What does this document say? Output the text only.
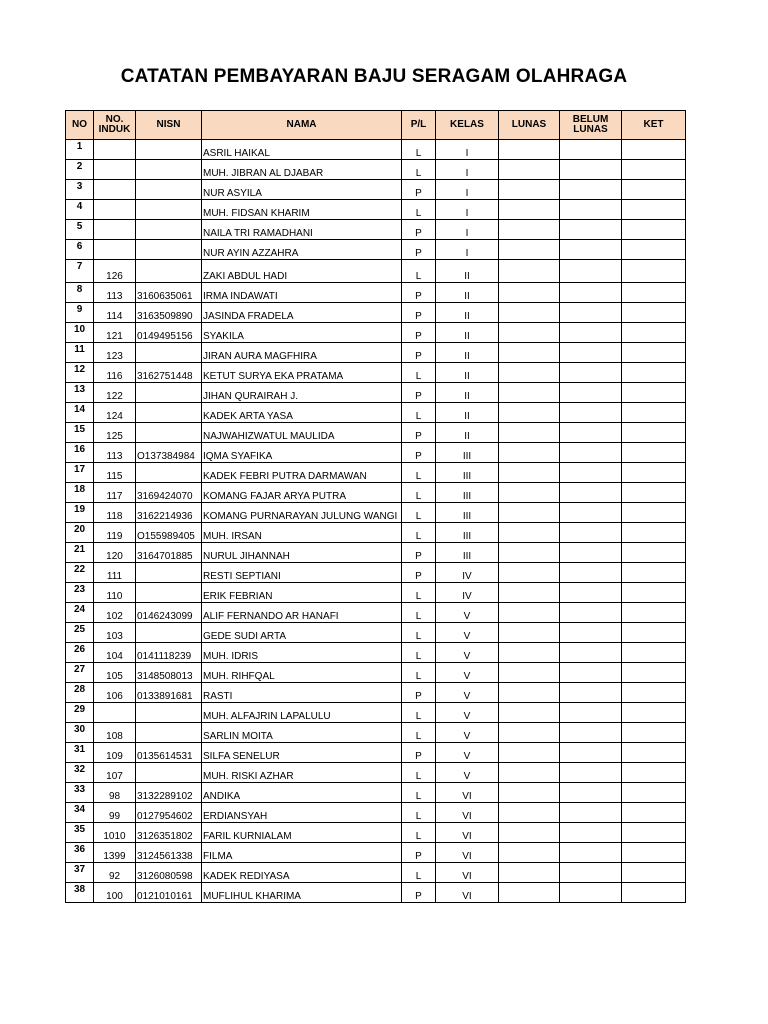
CATATAN PEMBAYARAN BAJU SERAGAM OLAHRAGA
NO	NO. INDUK	NISN	NAMA	P/L	KELAS	LUNAS	BELUM LUNAS	KET
1			ASRIL HAIKAL	L	I			
2			MUH. JIBRAN AL DJABAR	L	I			
3			NUR ASYILA	P	I			
4			MUH. FIDSAN KHARIM	L	I			
5			NAILA TRI RAMADHANI	P	I			
6			NUR AYIN AZZAHRA	P	I			
7	126		ZAKI ABDUL HADI	L	II			
8	113	3160635061	IRMA INDAWATI	P	II			
9	114	3163509890	JASINDA FRADELA	P	II			
10	121	0149495156	SYAKILA	P	II			
11	123		JIRAN AURA MAGFHIRA	P	II			
12	116	3162751448	KETUT SURYA EKA PRATAMA	L	II			
13	122		JIHAN QURAIRAH J.	P	II			
14	124		KADEK ARTA YASA	L	II			
15	125		NAJWAHIZWATUL MAULIDA	P	II			
16	113	O137384984	IQMA SYAFIKA	P	III			
17	115		KADEK FEBRI PUTRA DARMAWAN	L	III			
18	117	3169424070	KOMANG FAJAR ARYA PUTRA	L	III			
19	118	3162214936	KOMANG PURNARAYAN JULUNG WANGI	L	III			
20	119	O155989405	MUH. IRSAN	L	III			
21	120	3164701885	NURUL JIHANNAH	P	III			
22	111		RESTI SEPTIANI	P	IV			
23	110		ERIK FEBRIAN	L	IV			
24	102	0146243099	ALIF FERNANDO AR HANAFI	L	V			
25	103		GEDE SUDI ARTA	L	V			
26	104	0141118239	MUH. IDRIS	L	V			
27	105	3148508013	MUH. RIHFQAL	L	V			
28	106	0133891681	RASTI	P	V			
29			MUH. ALFAJRIN LAPALULU	L	V			
30	108		SARLIN MOITA	L	V			
31	109	0135614531	SILFA SENELUR	P	V			
32	107		MUH. RISKI AZHAR	L	V			
33	98	3132289102	ANDIKA	L	VI			
34	99	0127954602	ERDIANSYAH	L	VI			
35	1010	3126351802	FARIL KURNIALAM	L	VI			
36	1399	3124561338	FILMA	P	VI			
37	92	3126080598	KADEK REDIYASA	L	VI			
38	100	0121010161	MUFLIHUL KHARIMA	P	VI			
